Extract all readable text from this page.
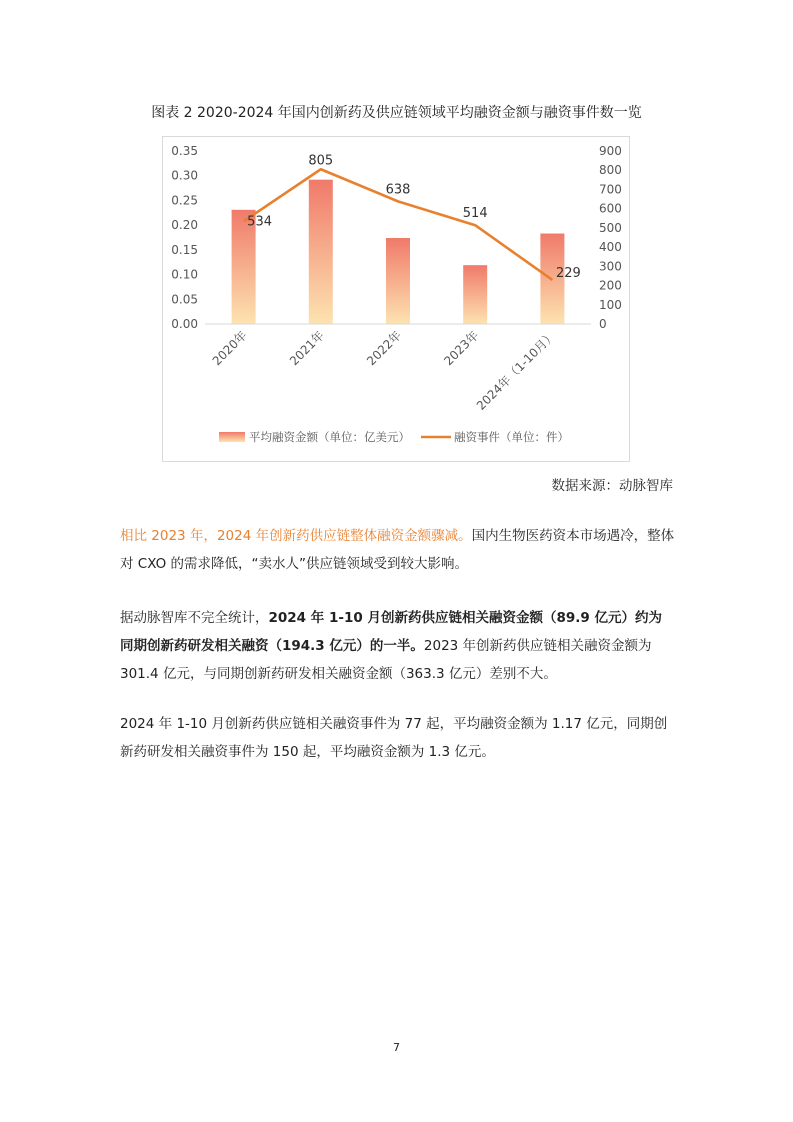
图表 2 2020-2024 年国内创新药及供应链领域平均融资金额与融资事件数一览
0.00
0.05
0.10
0.15
0.20
0.25
0.30
0.35
0
100
200
300
400
500
600
700
800
900
534
805
638
514
229
2020年	2021年	2022年	2023年
2024年（1-10月）
平均融资金额（单位：亿美元）	融资事件（单位：件）
数据来源：动脉智库

相比 2023 年，2024 年创新药供应链整体融资金额骤减。国内生物医药资本市场遇冷，整体对 CXO 的需求降低，“卖水人”供应链领域受到较大影响。

据动脉智库不完全统计，2024 年 1-10 月创新药供应链相关融资金额（89.9 亿元）约为同期创新药研发相关融资（194.3 亿元）的一半。2023 年创新药供应链相关融资金额为 301.4 亿元，与同期创新药研发相关融资金额（363.3 亿元）差别不大。

2024 年 1-10 月创新药供应链相关融资事件为 77 起，平均融资金额为 1.17 亿元，同期创新药研发相关融资事件为 150 起，平均融资金额为 1.3 亿元。

7
